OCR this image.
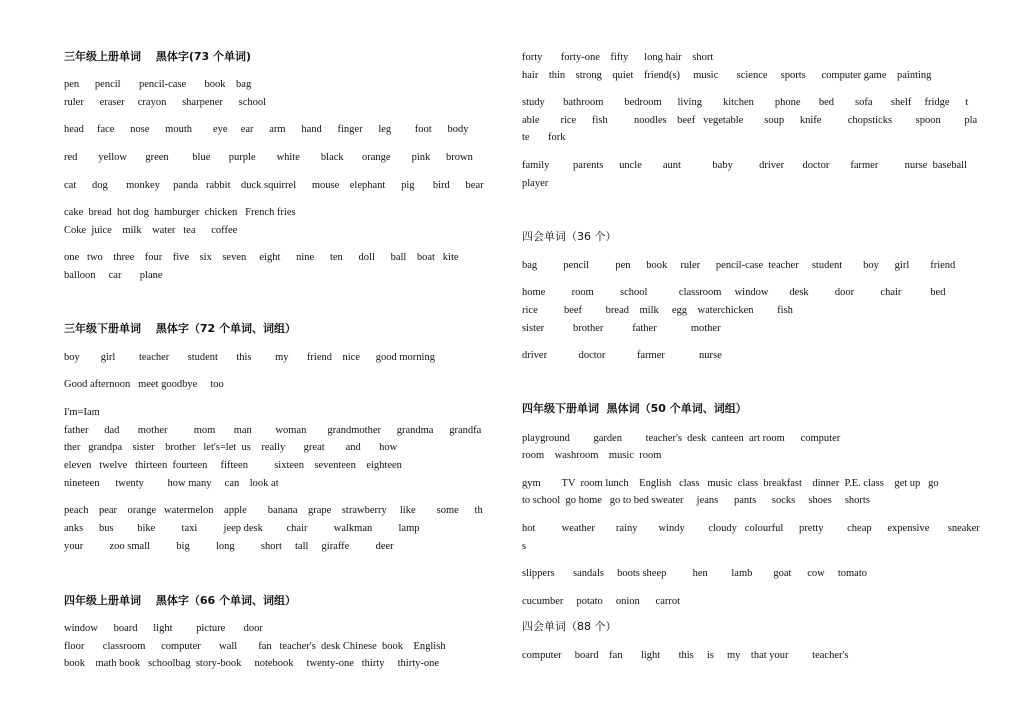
三年级上册单词　 黑体字(73 个单词)
pen      pencil       pencil-case       book    bag
ruler      eraser     crayon      sharpener      school
head     face      nose      mouth        eye     ear      arm      hand      finger      leg         foot      body
red        yellow       green         blue       purple        white        black       orange        pink      brown
cat      dog       monkey     panda   rabbit    duck squirrel      mouse    elephant      pig       bird      bear
cake  bread  hot dog  hamburger  chicken   French fries
Coke  juice    milk    water   tea      coffee
one   two    three    four    five    six    seven     eight      nine      ten      doll      ball    boat   kite
balloon     car       plane
三年级下册单词　 黑体字（72 个单词、词组）
boy        girl         teacher       student       this         my       friend    nice      good morning
Good afternoon   meet goodbye     too
I'm=Iam
father      dad       mother          mom       man         woman        grandmother      grandma      grandfa
ther   grandpa    sister    brother   let's=let  us    really       great        and       how
eleven   twelve   thirteen  fourteen     fifteen          sixteen    seventeen    eighteen
nineteen      twenty         how many     can    look at
peach    pear    orange   watermelon    apple        banana    grape    strawberry     like        some      th
anks      bus         bike          taxi          jeep desk         chair          walkman          lamp
your          zoo small          big          long          short     tall     giraffe          deer
四年级上册单词　 黑体字（66 个单词、词组）
window      board      light         picture       door
floor       classroom      computer       wall        fan   teacher's  desk Chinese  book    English
book    math book   schoolbag  story-book     notebook     twenty-one   thirty     thirty-one
forty       forty-one    fifty      long hair    short
hair    thin    strong    quiet    friend(s)     music       science     sports      computer game    painting
study       bathroom        bedroom      living        kitchen        phone       bed        sofa       shelf     fridge      t
able        rice      fish          noodles    beef   vegetable        soup      knife          chopsticks         spoon         pla
te       fork
family         parents      uncle        aunt            baby          driver       doctor        farmer          nurse  baseball
player
四会单词（36 个）
bag          pencil          pen      book     ruler      pencil-case  teacher     student        boy      girl        friend
home          room          school            classroom     window        desk          door          chair           bed
rice          beef         bread    milk     egg    waterchicken         fish
sister           brother           father             mother
driver            doctor            farmer             nurse
四年级下册单词  黑体词（50 个单词、词组）
playground         garden         teacher's  desk  canteen  art room      computer
room    washroom    music  room
gym        TV  room lunch    English   class   music  class  breakfast    dinner  P.E. class    get up   go
to school  go home   go to bed sweater     jeans      pants      socks     shoes     shorts
hot          weather        rainy        windy         cloudy   colourful      pretty         cheap      expensive       sneaker
s
slippers       sandals     boots sheep          hen         lamb        goat      cow     tomato
cucumber     potato     onion      carrot
四会单词（88 个）
computer     board    fan       light       this     is     my    that your         teacher's
